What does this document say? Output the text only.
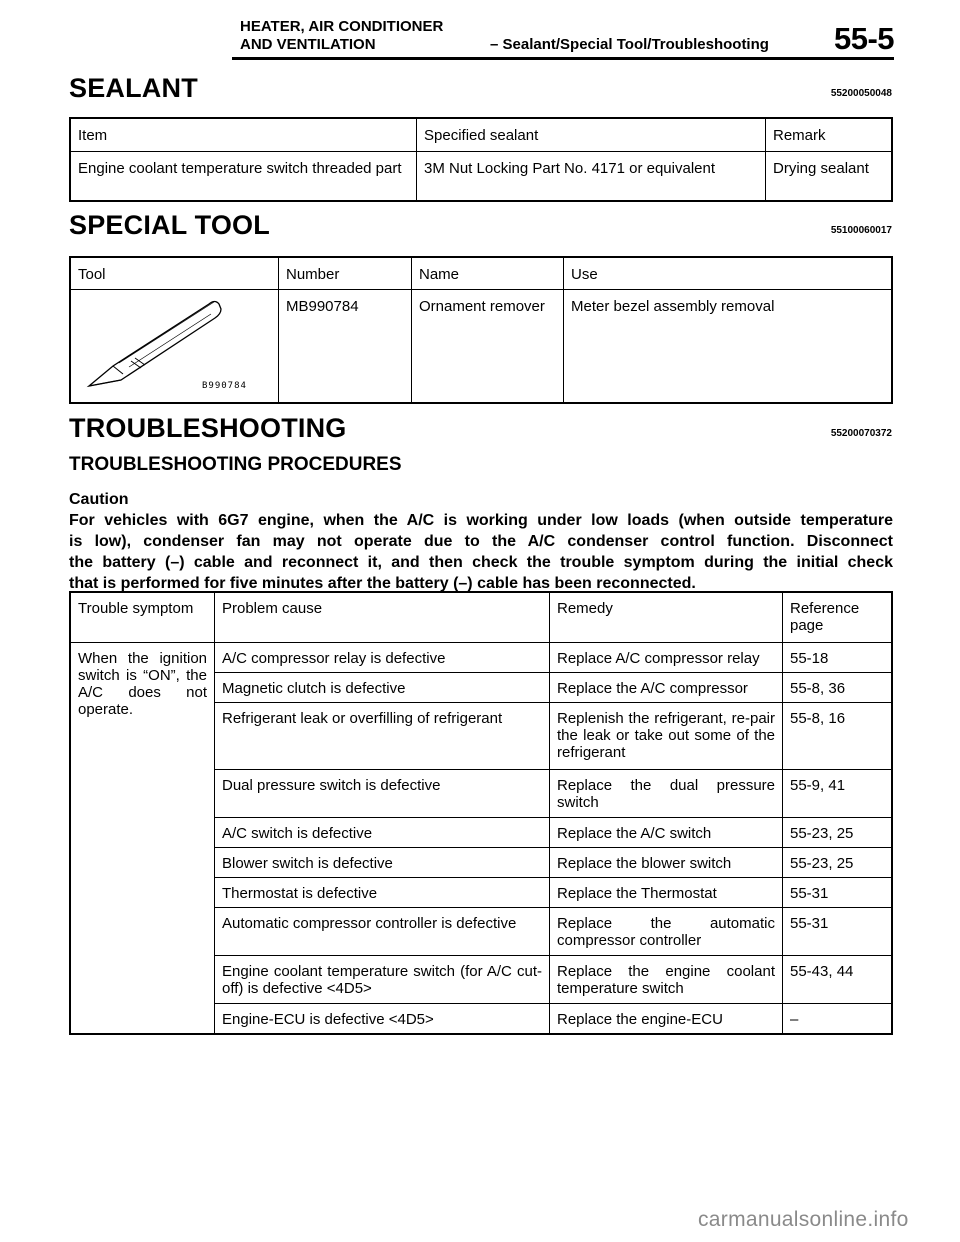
HEATER, AIR CONDITIONER
AND VENTILATION	– Sealant/Special Tool/Troubleshooting 55-5
SEALANT	55200050048
Item	Specified sealant	Remark
Engine coolant temperature switch threaded part	3M Nut Locking Part No. 4171 or equivalent	Drying sealant
SPECIAL TOOL	55100060017
Tool	Number	Name	Use

B990784	MB990784	Ornament remover	Meter bezel assembly removal
TROUBLESHOOTING	55200070372
TROUBLESHOOTING PROCEDURES
Caution
For vehicles with 6G7 engine, when the A/C is working under low loads (when outside temperature
is low), condenser fan may not operate due to the A/C condenser control function. Disconnect
the battery (–) cable and reconnect it, and then check the trouble symptom during the initial check
that is performed for five minutes after the battery (–) cable has been reconnected.
Trouble symptom	Problem cause	Remedy	Reference page
When the ignition switch is “ON”, the A/C does not operate.	A/C compressor relay is defective	Replace A/C compressor relay	55-18
	Magnetic clutch is defective	Replace the A/C compressor	55-8, 36
	Refrigerant leak or overfilling of refrigerant	Replenish the refrigerant, re-pair the leak or take out some of the refrigerant	55-8, 16
	Dual pressure switch is defective	Replace the dual pressure switch	55-9, 41
	A/C switch is defective	Replace the A/C switch	55-23, 25
	Blower switch is defective	Replace the blower switch	55-23, 25
	Thermostat is defective	Replace the Thermostat	55-31
	Automatic compressor controller is defective	Replace the automatic compressor controller	55-31
	Engine coolant temperature switch (for A/C cut-off) is defective <4D5>	Replace the engine coolant temperature switch	55-43, 44
	Engine-ECU is defective <4D5>	Replace the engine-ECU	–
carmanualsonline.info
